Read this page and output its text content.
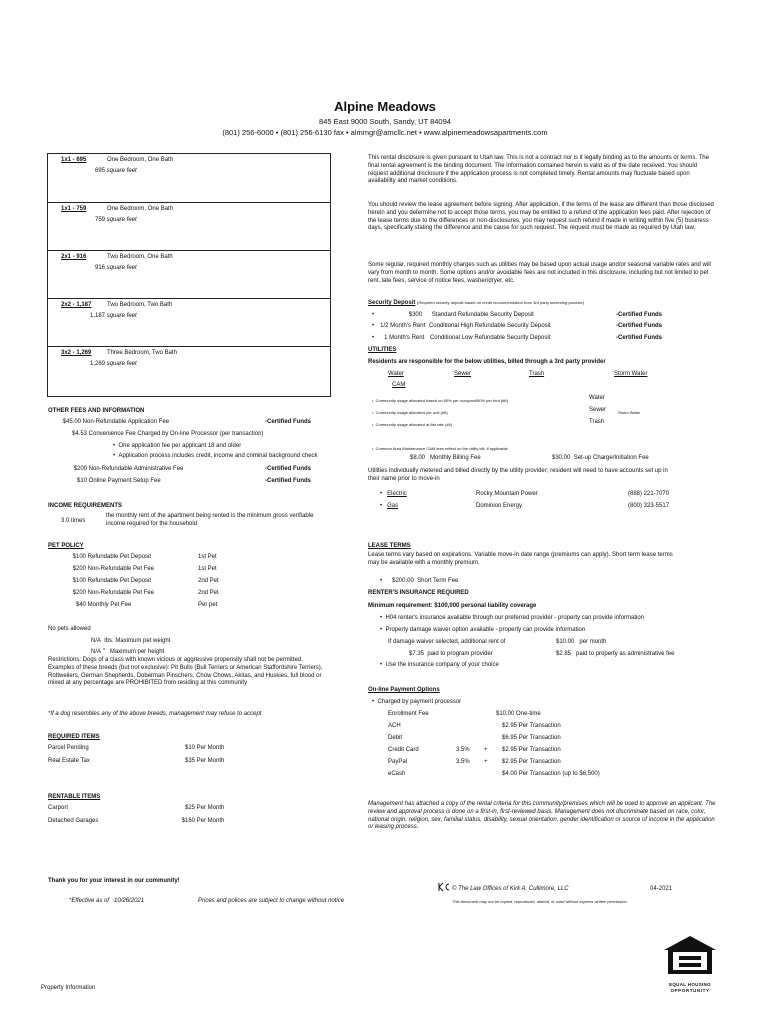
Alpine Meadows
845 East 9000 South, Sandy, UT 84094
(801) 256-6000 • (801) 256-6130 fax • almmgr@amcllc.net • www.alpinemeadowsapartments.com
1x1 - 695	One Bedroom, One Bath
695 square feet
1x1 - 759	One Bedroom, One Bath
759 square feet
2x1 - 916	Two Bedroom, One Bath
916 square feet
2x2 - 1,187	Two Bedroom, Two Bath
1,187 square feet
3x2 - 1,269	Three Bedroom, Two Bath
1,269 square feet
OTHER FEES AND INFORMATION
$45.00 Non-Refundable Application Fee	-Certified Funds
$4.53 Convenience Fee Charged by On-line Processor (per transaction)
•  One application fee per applicant 18 and older
•  Application process includes credit, income and criminal background check
$200 Non-Refundable Administrative Fee	-Certified Funds
$10 Online Payment Setup Fee	-Certified Funds
INCOME REQUIREMENTS
3.0 times
the monthly rent of the apartment being rented is the minimum gross verifiable income required for the household
PET POLICY
$100 Refundable Pet Deposit	1st Pet
$200 Non-Refundable Pet Fee	1st Pet
$100 Refundable Pet Deposit	2nd Pet
$200 Non-Refundable Pet Fee	2nd Pet
$40 Monthly Pet Fee	Per pet
No pets allowed
N/A lbs. Maximum pet weight
N/A " Maximum per height
Restrictions: Dogs of a class with known vicious or aggressive propensity shall not be permitted. Examples of these breeds (but not exclusive): Pit Bulls (Bull Terriers or American Staffordshire Terriers), Rottweilers, German Shepherds, Doberman Pinschers, Chow Chows, Akitas, and Huskies, full blood or mixed at any percentage are PROHIBITED from residing at this community
*If a dog resembles any of the above breeds, management may refuse to accept
REQUIRED ITEMS
Parcel Pending	$10 Per Month
Real Estate Tax	$35 Per Month
RENTABLE ITEMS
Carport	$25 Per Month
Detached Garages	$160 Per Month
This rental disclosure is given pursuant to Utah law. This is not a contract nor is it legally binding as to the amounts or terms. The final rental agreement is the binding document. The information contained herein is valid as of the date received. You should request additional disclosure if the application process is not completed timely. Rental amounts may fluctuate based upon availability and market conditions.
You should review the lease agreement before signing. After application, if the terms of the lease are different than those disclosed herein and you determine not to accept those terms, you may be entitled to a refund of the application fees paid. After rejection of the lease terms due to the differences or non-disclosures, you may request such refund if made in writing within five (5) business days, specifically stating the difference and the cause for such request. The request must be made as required by Utah law.
Some regular, required monthly charges such as utilities may be based upon actual usage and/or seasonal variable rates and will vary from month to month. Some options and/or avoidable fees are not included in this disclosure, including but not limited to pet rent, late fees, service of notice fees, washer/dryer, etc.
Security Deposit (Required security deposit based on credit recommendation from 3rd party screening provider)
•	$300 Standard Refundable Security Deposit	-Certified Funds
• 1/2 Month's Rent Conditional High Refundable Security Deposit	-Certified Funds
• 1 Month's Rent Conditional Low Refundable Security Deposit	-Certified Funds
UTILITIES
Residents are responsible for the below utilities, billed through a 3rd party provider
Water	Sewer	Trash	Storm Water
CAM
•  Community usage allocated based on 50% per occupant/50% per foot (#6)	Water
•  Community usage allocated per unit (#8)	Sewer	Storm Water
•  Community usage allocated at flat rate (#4)	Trash
•  Common Area Maintenance CAM fees reflect on the utility bill, if applicable.
$8.00 Monthly Billing Fee	$30.00 Set-up Charge/Initiation Fee
Utilities individually metered and billed directly by the utility provider; resident will need to have accounts set up in their name prior to move-in
•   Electric	Rocky Mountain Power	(888) 221-7070
•   Gas	Dominion Energy	(800) 323-5517
LEASE TERMS
Lease terms vary based on expirations. Variable move-in date range (premiums can apply). Short term lease terms may be available with a monthly premium.
•      $200.00 Short Term Fee
RENTER'S INSURANCE REQUIRED
Minimum requirement: $100,000 personal liability coverage
•  H04 renter's insurance available through our preferred provider - property can provide information
•  Property damage waiver option available - property can provide information
If damage waiver selected, additional rent of	$10.00 per month
$7.35 paid to program provider	$2.85 paid to property as administrative fee
•  Use the insurance company of your choice
On-line Payment Options
•  Charged by payment processor
Enrollment Fee	$10.00 One-time
ACH	$2.95 Per Transaction
Debit	$6.95 Per Transaction
Credit Card	3.5% + $2.95 Per Transaction
PayPal	3.5% + $2.95 Per Transaction
eCash	$4.00 Per Transaction (up to $6,500)
Management has attached a copy of the rental criteria for this community/premises which will be used to approve an applicant. The review and approval process is done on a first-in, first-reviewed basis. Management does not discriminate based on race, color, national origin, religion, sex, familial status, disability, sexual orientation, gender identification or source of income in the application or leasing process.
Thank you for your interest in our community!
*Effective as of 10/26/2021	Prices and polices are subject to change without notice
© The Law Offices of Kirk A. Cullimore, LLC	04-2021
This document may not be copied, reproduced, altered, or used without express written permission.
EQUAL HOUSING
OPPORTUNITY
Property Information
